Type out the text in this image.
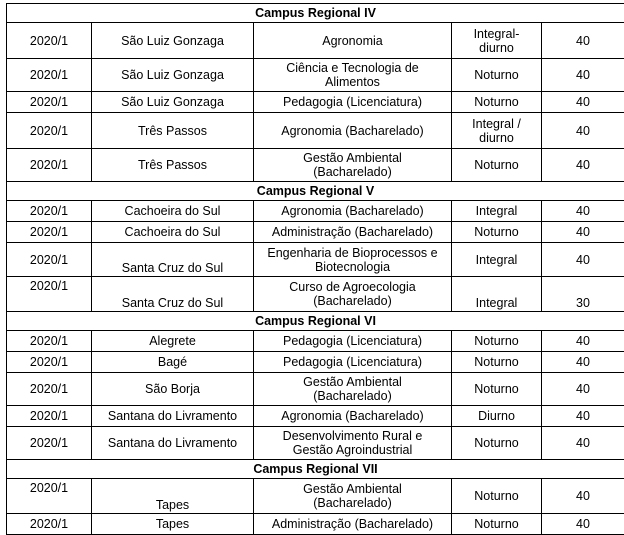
Campus Regional IV				
2020/1	São Luiz Gonzaga	Agronomia	Integral-
diurno	40
2020/1	São Luiz Gonzaga	Ciência e Tecnologia de
Alimentos	Noturno	40
2020/1	São Luiz Gonzaga	Pedagogia (Licenciatura)	Noturno	40
2020/1	Três Passos	Agronomia (Bacharelado)	Integral /
diurno	40
2020/1	Três Passos	Gestão Ambiental
(Bacharelado)	Noturno	40
Campus Regional V				
2020/1	Cachoeira do Sul	Agronomia (Bacharelado)	Integral	40
2020/1	Cachoeira do Sul	Administração (Bacharelado)	Noturno	40
2020/1	Santa Cruz do Sul	Engenharia de Bioprocessos e
Biotecnologia	Integral	40
2020/1	Santa Cruz do Sul	Curso de Agroecologia
(Bacharelado)	Integral	30
Campus Regional VI				
2020/1	Alegrete	Pedagogia (Licenciatura)	Noturno	40
2020/1	Bagé	Pedagogia (Licenciatura)	Noturno	40
2020/1	São Borja	Gestão Ambiental
(Bacharelado)	Noturno	40
2020/1	Santana do Livramento	Agronomia (Bacharelado)	Diurno	40
2020/1	Santana do Livramento	Desenvolvimento Rural e
Gestão Agroindustrial	Noturno	40
Campus Regional VII				
2020/1	Tapes	Gestão Ambiental
(Bacharelado)	Noturno	40
2020/1	Tapes	Administração (Bacharelado)	Noturno	40
